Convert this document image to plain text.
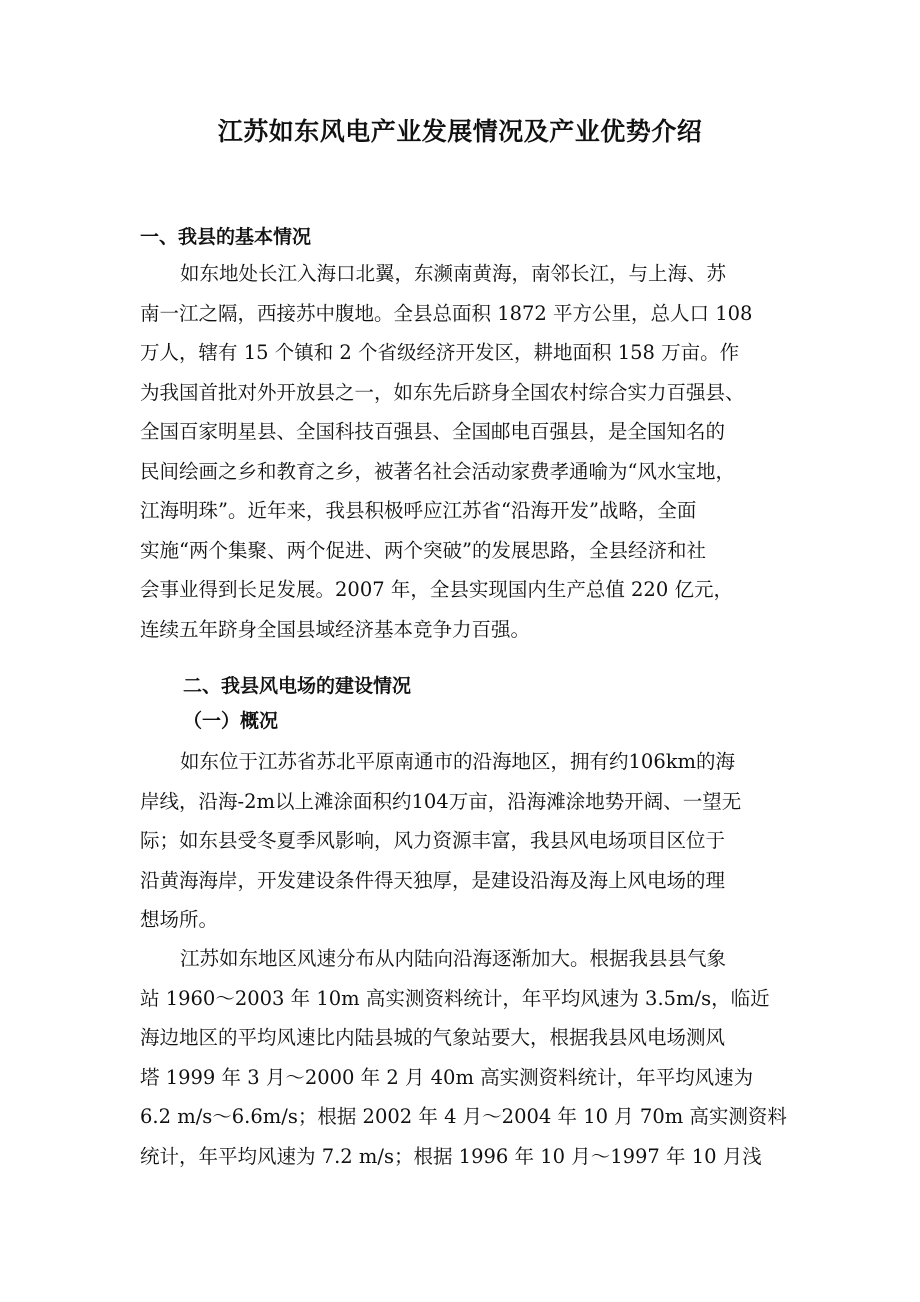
江苏如东风电产业发展情况及产业优势介绍
一、我县的基本情况
如东地处长江入海口北翼，东濒南黄海，南邻长江，与上海、苏
南一江之隔，西接苏中腹地。全县总面积 1872 平方公里，总人口 108
万人，辖有 15 个镇和 2 个省级经济开发区，耕地面积 158 万亩。作
为我国首批对外开放县之一，如东先后跻身全国农村综合实力百强县、
全国百家明星县、全国科技百强县、全国邮电百强县，是全国知名的
民间绘画之乡和教育之乡，被著名社会活动家费孝通喻为“风水宝地，
江海明珠”。近年来，我县积极呼应江苏省“沿海开发”战略，全面
实施“两个集聚、两个促进、两个突破”的发展思路，全县经济和社
会事业得到长足发展。2007 年，全县实现国内生产总值 220 亿元，
连续五年跻身全国县域经济基本竞争力百强。
二、我县风电场的建设情况
（一）概况
如东位于江苏省苏北平原南通市的沿海地区，拥有约106km的海
岸线，沿海-2m以上滩涂面积约104万亩，沿海滩涂地势开阔、一望无
际；如东县受冬夏季风影响，风力资源丰富，我县风电场项目区位于
沿黄海海岸，开发建设条件得天独厚，是建设沿海及海上风电场的理
想场所。
江苏如东地区风速分布从内陆向沿海逐渐加大。根据我县县气象
站 1960～2003 年 10m 高实测资料统计，年平均风速为 3.5m/s，临近
海边地区的平均风速比内陆县城的气象站要大，根据我县风电场测风
塔 1999 年 3 月～2000 年 2 月 40m 高实测资料统计，年平均风速为
6.2 m/s～6.6m/s；根据 2002 年 4 月～2004 年 10 月 70m 高实测资料
统计，年平均风速为 7.2 m/s；根据 1996 年 10 月～1997 年 10 月浅
